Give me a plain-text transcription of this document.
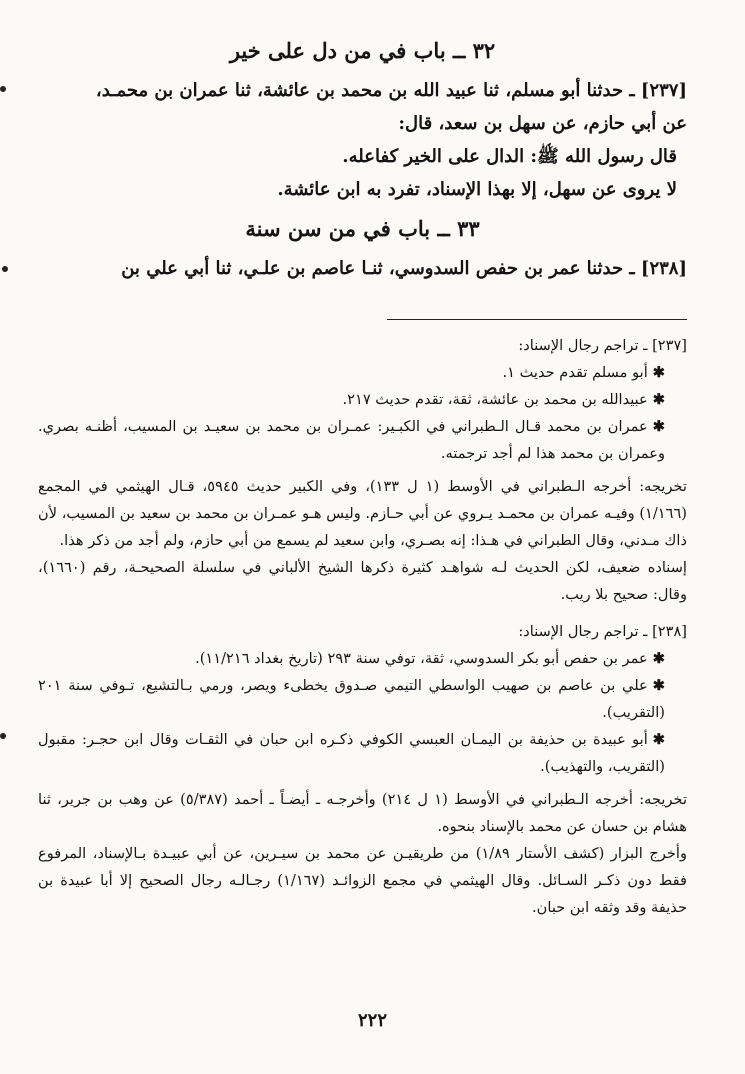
٣٢ ــ باب في من دل على خير

[٢٣٧] ـ حدثنا أبو مسلم، ثنا عبيد الله بن محمد بن عائشة، ثنا عمران بن محمـد،

عن أبي حازم، عن سهل بن سعد، قال:

قال رسول الله ﷺ: الدال على الخير كفاعله.

لا يروى عن سهل، إلا بهذا الإسناد، تفرد به ابن عائشة.

٣٣ ــ باب في من سن سنة

[٢٣٨] ـ حدثنا عمر بن حفص السدوسي، ثنـا عاصم بن علـي، ثنا أبي علي بن

[٢٣٧] ـ تراجم رجال الإسناد:

✱أبو مسلم تقدم حديث ١.

✱عبيدالله بن محمد بن عائشة، ثقة، تقدم حديث ٢١٧.

✱عمران بن محمد قـال الـطبراني في الكبـير: عمـران بن محمد بن سعيـد بن المسيب، أظنـه بصري. وعمران بن محمد هذا لم أجد ترجمته.

تخريجه: أخرجه الـطبراني في الأوسط (١ ل ١٣٣)، وفي الكبير حديث ٥٩٤٥، قـال الهيثمي في المجمع (١/١٦٦) وفيـه عمران بن محمـد يـروي عن أبي حـازم. وليس هـو عمـران بن محمد بن سعيد بن المسيب، لأن ذاك مـدني، وقال الطبراني في هـذا: إنه بصـري، وابن سعيد لم يسمع من أبي حازم، ولم أجد من ذكر هذا.

إسناده ضعيف، لكن الحديث لـه شواهـد كثيرة ذكرها الشيخ الألباني في سلسلة الصحيحـة، رقم (١٦٦٠)، وقال: صحيح بلا ريب.

[٢٣٨] ـ تراجم رجال الإسناد:

✱عمر بن حفص أبو بكر السدوسي، ثقة، توفي سنة ٢٩٣ (تاريخ بغداد ١١/٢١٦).

✱علي بن عاصم بن صهيب الواسطي التيمي صـدوق يخطىء ويصر، ورمي بـالتشيع، تـوفي سنة ٢٠١ (التقريب).

✱أبو عبيدة بن حذيفة بن اليمـان العبسي الكوفي ذكـره ابن حبان في الثقـات وقال ابن حجـر: مقبول (التقريب، والتهذيب).

تخريجه: أخرجه الـطبراني في الأوسط (١ ل ٢١٤) وأخرجـه ـ أيضـاً ـ أحمد (٥/٣٨٧) عن وهب بن جرير، ثنا هشام بن حسان عن محمد بالإسناد بنحوه.

وأخرج البزار (كشف الأستار ١/٨٩) من طريقيـن عن محمد بن سيـرين، عن أبي عبيـدة بـالإسناد، المرفوع فقط دون ذكـر السـائل. وقال الهيثمي في مجمع الزوائـد (١/١٦٧) رجـالـه رجال الصحيح إلا أبا عبيدة بن حذيفة وقد وثقه ابن حبان.

٢٢٢
